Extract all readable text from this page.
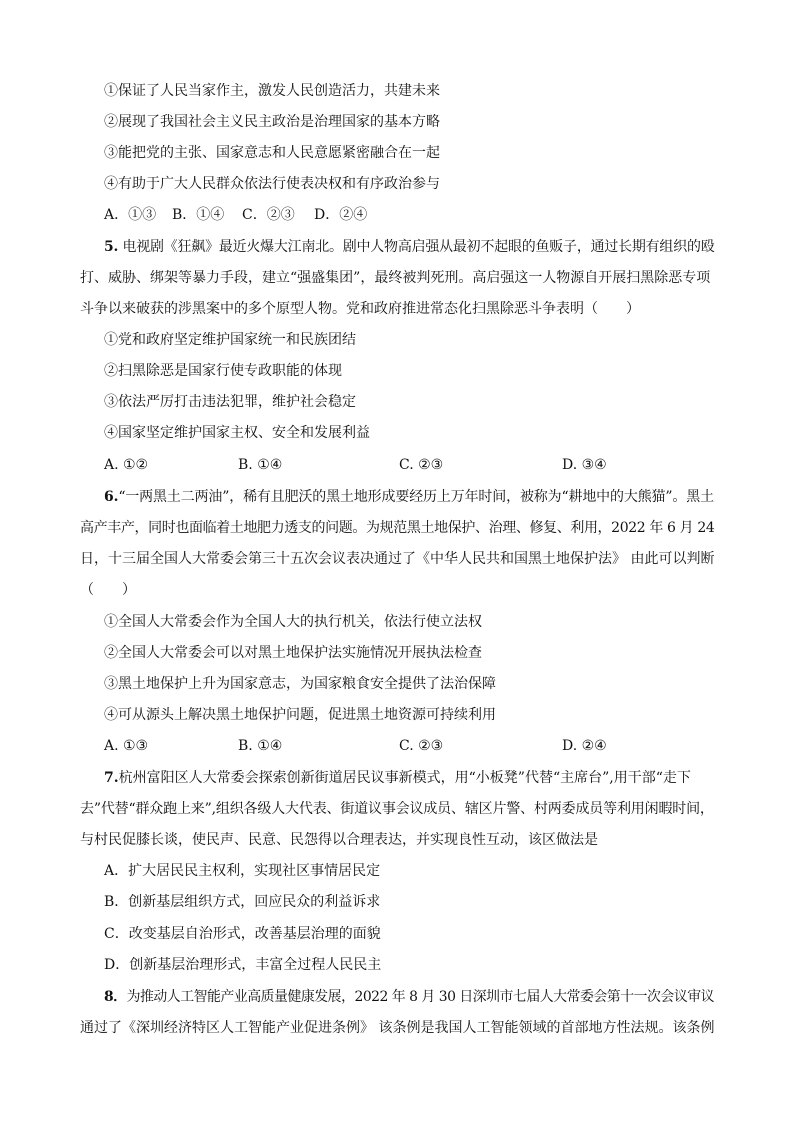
①保证了人民当家作主，激发人民创造活力，共建未来
②展现了我国社会主义民主政治是治理国家的基本方略
③能把党的主张、国家意志和人民意愿紧密融合在一起
④有助于广大人民群众依法行使表决权和有序政治参与
A．①③ B．①④ C．②③ D．②④
5. 电视剧《狂飙》最近火爆大江南北。剧中人物高启强从最初不起眼的鱼贩子，通过长期有组织的殴
打、威胁、绑架等暴力手段，建立“强盛集团”，最终被判死刑。高启强这一人物源自开展扫黑除恶专项
斗争以来破获的涉黑案中的多个原型人物。党和政府推进常态化扫黑除恶斗争表明（　　）
①党和政府坚定维护国家统一和民族团结
②扫黑除恶是国家行使专政职能的体现
③依法严厉打击违法犯罪，维护社会稳定
④国家坚定维护国家主权、安全和发展利益
A. ①②	B. ①④	C. ②③	D. ③④
6.“一两黑土二两油”，稀有且肥沃的黑土地形成要经历上万年时间，被称为“耕地中的大熊猫”。黑土
高产丰产，同时也面临着土地肥力透支的问题。为规范黑土地保护、治理、修复、利用，2022 年 6 月 24
日，十三届全国人大常委会第三十五次会议表决通过了《中华人民共和国黑土地保护法》 由此可以判断
（　　）
①全国人大常委会作为全国人大的执行机关，依法行使立法权
②全国人大常委会可以对黑土地保护法实施情况开展执法检查
③黑土地保护上升为国家意志，为国家粮食安全提供了法治保障
④可从源头上解决黑土地保护问题，促进黑土地资源可持续利用
A. ①③	B. ①④	C. ②③	D. ②④
7.杭州富阳区人大常委会探索创新街道居民议事新模式，用“小板凳”代替“主席台”,用干部“走下
去”代替“群众跑上来”,组织各级人大代表、街道议事会议成员、辖区片警、村两委成员等利用闲暇时间，
与村民促膝长谈，使民声、民意、民怨得以合理表达，并实现良性互动，该区做法是
A．扩大居民民主权利，实现社区事情居民定
B．创新基层组织方式，回应民众的利益诉求
C．改变基层自治形式，改善基层治理的面貌
D．创新基层治理形式，丰富全过程人民民主
8．为推动人工智能产业高质量健康发展，2022 年 8 月 30 日深圳市七届人大常委会第十一次会议审议
通过了《深圳经济特区人工智能产业促进条例》 该条例是我国人工智能领域的首部地方性法规。该条例
